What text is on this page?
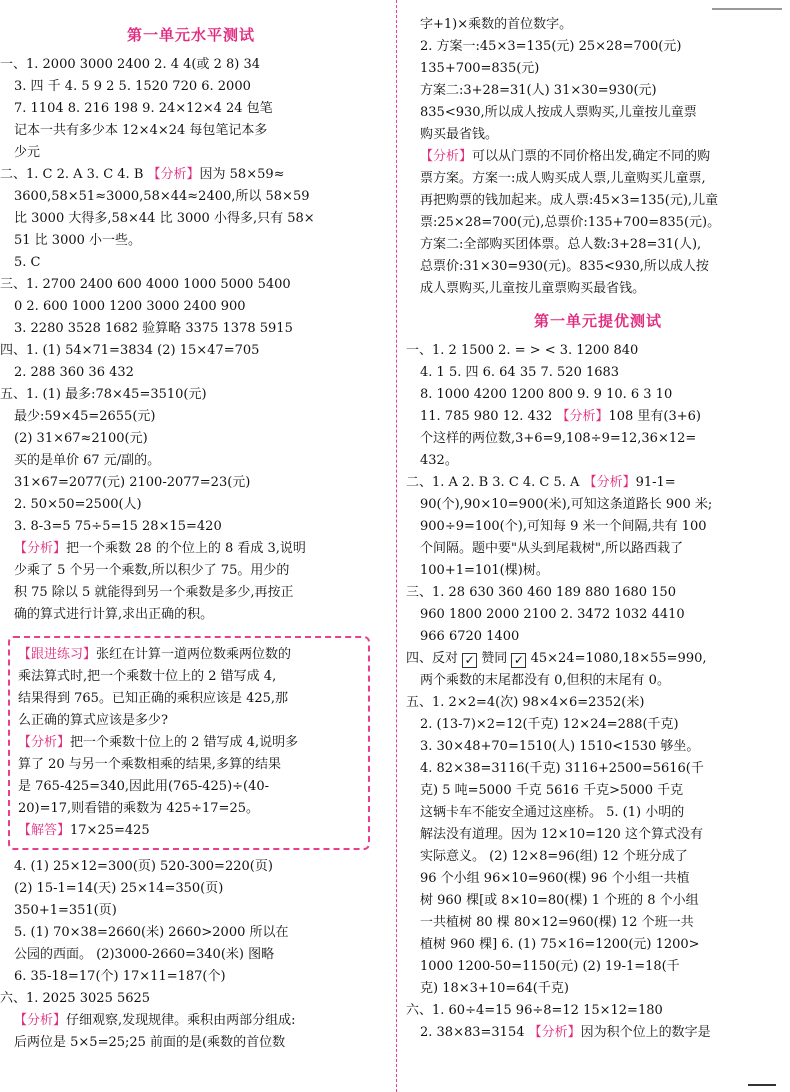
第一单元水平测试
一、1. 2000 3000 2400 2. 4 4(或 2 8) 34
3. 四 千 4. 5 9 2 5. 1520 720 6. 2000
7. 1104 8. 216 198 9. 24×12×4 24 包笔
记本一共有多少本 12×4×24 每包笔记本多
少元
二、1. C 2. A 3. C 4. B 【分析】因为 58×59≈
3600,58×51≈3000,58×44≈2400,所以 58×59
比 3000 大得多,58×44 比 3000 小得多,只有 58×
51 比 3000 小一些。
5. C
三、1. 2700 2400 600 4000 1000 5000 5400
0 2. 600 1000 1200 3000 2400 900
3. 2280 3528 1682 验算略 3375 1378 5915
四、1. (1) 54×71=3834 (2) 15×47=705
2. 288 360 36 432
五、1. (1) 最多:78×45=3510(元)
最少:59×45=2655(元)
(2) 31×67≈2100(元)
买的是单价 67 元/副的。
31×67=2077(元) 2100-2077=23(元)
2. 50×50=2500(人)
3. 8-3=5 75÷5=15 28×15=420
【分析】把一个乘数 28 的个位上的 8 看成 3,说明
少乘了 5 个另一个乘数,所以积少了 75。用少的
积 75 除以 5 就能得到另一个乘数是多少,再按正
确的算式进行计算,求出正确的积。
【跟进练习】张红在计算一道两位数乘两位数的
乘法算式时,把一个乘数十位上的 2 错写成 4,
结果得到 765。已知正确的乘积应该是 425,那
么正确的算式应该是多少?
【分析】把一个乘数十位上的 2 错写成 4,说明多
算了 20 与另一个乘数相乘的结果,多算的结果
是 765-425=340,因此用(765-425)÷(40-
20)=17,则看错的乘数为 425÷17=25。
【解答】17×25=425
4. (1) 25×12=300(页) 520-300=220(页)
(2) 15-1=14(天) 25×14=350(页)
350+1=351(页)
5. (1) 70×38=2660(米) 2660>2000 所以在
公园的西面。 (2)3000-2660=340(米) 图略
6. 35-18=17(个) 17×11=187(个)
六、1. 2025 3025 5625
【分析】仔细观察,发现规律。乘积由两部分组成:
后两位是 5×5=25;25 前面的是(乘数的首位数
字+1)×乘数的首位数字。
2. 方案一:45×3=135(元) 25×28=700(元)
135+700=835(元)
方案二:3+28=31(人) 31×30=930(元)
835<930,所以成人按成人票购买,儿童按儿童票
购买最省钱。
【分析】可以从门票的不同价格出发,确定不同的购
票方案。方案一:成人购买成人票,儿童购买儿童票,
再把购票的钱加起来。成人票:45×3=135(元),儿童
票:25×28=700(元),总票价:135+700=835(元)。
方案二:全部购买团体票。总人数:3+28=31(人),
总票价:31×30=930(元)。835<930,所以成人按
成人票购买,儿童按儿童票购买最省钱。
第一单元提优测试
一、1. 2 1500 2. = > < 3. 1200 840
4. 1 5. 四 6. 64 35 7. 520 1683
8. 1000 4200 1200 800 9. 9 10. 6 3 10
11. 785 980 12. 432 【分析】108 里有(3+6)
个这样的两位数,3+6=9,108÷9=12,36×12=
432。
二、1. A 2. B 3. C 4. C 5. A 【分析】91-1=
90(个),90×10=900(米),可知这条道路长 900 米;
900÷9=100(个),可知每 9 米一个间隔,共有 100
个间隔。题中要"从头到尾栽树",所以路西栽了
100+1=101(棵)树。
三、1. 28 630 360 460 189 880 1680 150
960 1800 2000 2100 2. 3472 1032 4410
966 6720 1400
四、反对 ✓ 赞同 ✓ 45×24=1080,18×55=990,
两个乘数的末尾都没有 0,但积的末尾有 0。
五、1. 2×2=4(次) 98×4×6=2352(米)
2. (13-7)×2=12(千克) 12×24=288(千克)
3. 30×48+70=1510(人) 1510<1530 够坐。
4. 82×38=3116(千克) 3116+2500=5616(千
克) 5 吨=5000 千克 5616 千克>5000 千克
这辆卡车不能安全通过这座桥。 5. (1) 小明的
解法没有道理。因为 12×10=120 这个算式没有
实际意义。 (2) 12×8=96(组) 12 个班分成了
96 个小组 96×10=960(棵) 96 个小组一共植
树 960 棵[或 8×10=80(棵) 1 个班的 8 个小组
一共植树 80 棵 80×12=960(棵) 12 个班一共
植树 960 棵] 6. (1) 75×16=1200(元) 1200>
1000 1200-50=1150(元) (2) 19-1=18(千
克) 18×3+10=64(千克)
六、1. 60÷4=15 96÷8=12 15×12=180
2. 38×83=3154 【分析】因为积个位上的数字是
